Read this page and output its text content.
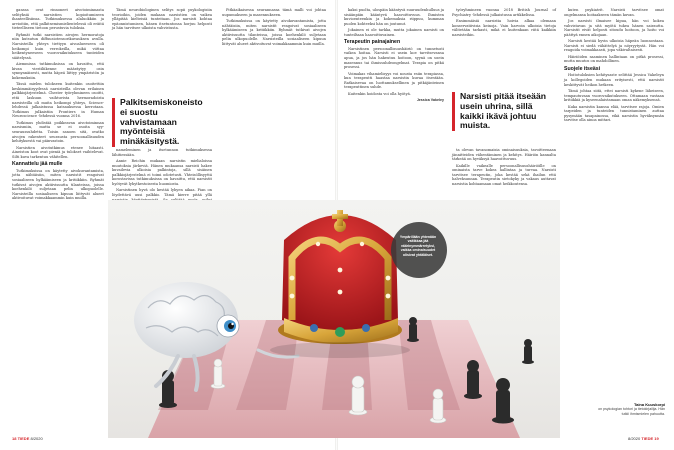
ganssa ovat rinnoneet aivotoiminnasta selityksiä narsistien kopioitumiseen ihanteellisiinsa. Tutkimuksessa alaluokkiin ja arvioitiin, että palkitsemismielientelessä oli eräitä tieteelliseen tietoon perustuvia tuloksia.

Ryhmät tutki narsistien aivojen hermoratoja niin kutsutun diffuusiotensorikuvauksen avulla. Narsisteilla yhteys tiettyyn aivoalueeseen oli heikompi kuin verrokeilla, mikä viittaa heikentyneeseen vuorovaikutukseen tunteiden säätelyssä.

Aiemmissa tutkimuksissa on havaittu, että kivan viestiliikenne määräytyy osin synnynnäisesti, mutta häpeä liittyy ympäristön ja kokemuksiin.

Tässä mielen tulokseen kuitenkin osoitettiin keskimmäisyydessä narsisteilla olevan erilainen palkkiojärjestelmä. Chester työryhmineen osoitti, että laskuun vaihtuvista hermoradoista narsisteilla oli muita heikompi yhteys, Science-lehdessä julkaistussa katsauksessa kerrotaan. Tutkimus julkaistiin Frontiers in Human Neuroscience -lehdessä vuonna 2016.

Tutkimus yhdistää poikkeavan aivotoiminnan narsismiin, mutta se ei osoita syy-seuraussuhdetta. Toisin sanoen sitä, ovatko aivojen rakenteet seurausta persoonallisuuden kehityksestä vai päinvastoin.

Narsistien aivotutkimus etenee hitaasti. Aineiston koot ovat pieniä ja tulokset vaihtelevat. Silti kuva tarkentuu vähitellen.

Kannattelu jää mulle

Tutkimuksissa on käytetty aivokuvantamista, jotta nähtäisiin, miten narsistit reagoivat sosiaaliseen hylkäämiseen ja kritiikkiin. Ryhmät tutkivat aivojen aktiivisuutta tilanteissa, joissa koehenkilö suljetaan pelin ulkopuolelle. Narsisteilla sosiaaliseen kipuun liittyvät alueet aktivoituvat voimakkaammin kuin muilla.

Tämä neurobiologinen selitys sopii psykologisiin teorioihin, joiden mukaan narsistien on vaikea ylläpitää kielteisiä tunteitaan. Jos narsisti kohtaa epäonnistumisen, hänen itsetuntonsa horjuu helposti ja hän tarvitsee ulkoista vahvistusta.

Palkitsemiskoneisto ei suostu vahvistamaan myönteisiä minäkäsitystä.

nameleminen ja itsetunnon tutkimuksessa lähitiessään.

Annie Reichin mukaan narsistin mielialoissa muutoksia järkeviä. Hänen mukaansa narsisti hakee kuvailevia ulkoisia palkintoja, sillä sisäinen palkkiojärjestelmä ei toimi odotetusti. Yhteisöllisyyttä korostavissa tutkimuksissa on havaittu, että narsistit hyötyvät lyhytkestoisesta huomiosta.

Narsistinen hyvä olo kestää lyhyen aikaa. Pian on löydettävä uusi palkkio. Tämä kierre pitää yllä

Pitkäaikaisessa seurannassa tämä malli voi johtaa uupumukseen ja masennukseen.

Tutkimuksissa on käytetty aivokuvantamista, jotta nähtäisiin, miten narsistit reagoivat sosiaaliseen hylkäämiseen ja kritiikkiin. Ryhmät tutkivat aivojen aktiivisuutta tilanteissa, joissa koehenkilö suljetaan pelin ulkopuolelle. Narsisteilla sosiaaliseen kipuun liittyvät alueet aktivoituvat voimakkaammin kuin muilla.

kaksi puolta, ulospäin kääntyvä suuruudenhulluus ja sisäänpäin kääntyvä haavoittuvuus. Ihmisten kuvioenteenkin ja kokemuksia riippuu, kumman puolen kohteeksi hän on joutunut.

Jokainen ei ole tarkka, mutta jokainen narsisti on tunteiltaan haavoittuvainen.

Terapeutin painajainen

Narsistinen persoonallisuushäiriö on tunnetusti vaikea hoitaa. Narsisti ei usein koe tarvitsevansa apua, ja jos hän hakeutuu hoitoon, syynä on usein masennus tai ihmissuhdeongelmat. Terapia on pitkä prosessi.

Voimakas vihamielisyys voi nousta esiin terapiassa, kun terapeutti haastaa narsistin kuvaa itsestään. Ratkaisevaa on luottamuksellinen ja pitkäjänteinen terapeuttinen suhde.

Kuitenkin hoidosta voi olla hyötyä.

Jessica Vakeley

työryhmineen vuonna 2018 British Journal of Psychiatry -lehdessä julkaistussa artikkelissa.

Ensimmäisiä narsistia hoivia alkaa olemaan konservatiivisia keinoja. Vain harvoin ulkoisia tietoja välitetään tarkasti, mikä ei kuitenkaan riitä kaikkiin narsisteihin.

Narsisti pitää itseään usein uhrina, sillä kaikki ikävä johtuu muista.

ta olevan tavanomaisia ominaisuuksia, tavoitteenaan jännitteiden vähentäminen ja kehitys. Häiriön kannalta tärkeää on hyväksyä haavoittuvuus.

Kaikille vaikealle persoonallisuushäiriöille on ominaista tarve kokea hallintaa ja turvaa. Narsisti tarvitsee terapeutin, joka kestää sekä ihailun että halveksunnan. Terapeutin sietokyky ja vakaus auttavat narsistia kohtaamaan omat heikkoutensa.

kuten psykiatrit. Narsisti tarvitsee omat ongelmansa hoitaakseen tämän kuvan.

Jos narsisti ilmaisee kipua, hän voi kokea vahvistavan ja sitä myötä tukea hänen sairautta. Narsistit eivät helposti sitoudu hoitoon, ja hoito voi päättyä ennen aikojaan.

Narsisti kestää hyvin ulkoisia häpeän luonnostaan. Narsisti ei siedä vähättelyä ja nöyryytystä. Hän voi reagoida voimakkaasti, jopa väkivaltaisesti.

Häiriöiden saaminen hallintaan on pitkä prosessi, mutta muutos on mahdollinen.

Suojele itseäsi

Hoitotuloksien kehitysaste selittää Jessica Vakeleyn ja kollegoiden mukaan erityisesti, että narsistit keskittyvät heikon hetkeen.

Tämä johtaa siitä, ettei narsisti kykene läheiseen, tempautuvaan vuorovaikutukseen. Ottamaan vastaan kritiikkiä ja kyseenalaistamaan oman näkemyksensä.

Kuka narsistin kanssa elää, tarvitsee rajoja. Omien tarpeiden ja tunteiden tunnistaminen auttaa pysymään tasapainossa, eikä narsistin hyväksynnän tarvitse olla ainoa mittari.

Ympärillään yhtenään valtikkaa jää väärinymmärretyksi, vaikka ominaisuudet olisivat yhtäläiset.
Taina Kuuskorpi
on psykologian tohtori ja tietokirjailija. Hän tutkii ihmismielen pahuutta.
18 TIEDE 8/2020	8/2020 TIEDE 19
